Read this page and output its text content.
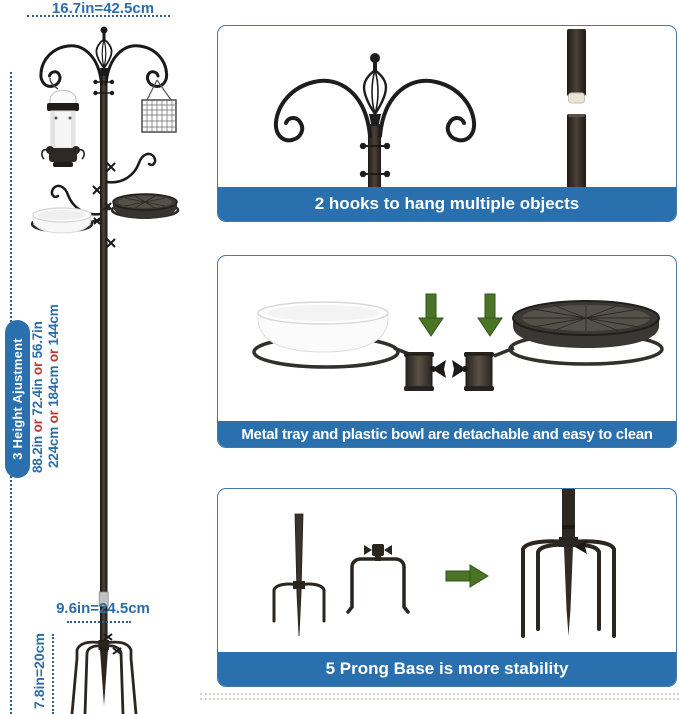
16.7in=42.5cm
3 Height Ajustment 88.2in or 72.4in or 56.7in
224cm or 184cm or 144cm
9.6in=24.5cm
7.8in=20cm
2 hooks to hang multiple objects
Metal tray and plastic bowl are detachable and easy to clean
5 Prong Base is more stability
